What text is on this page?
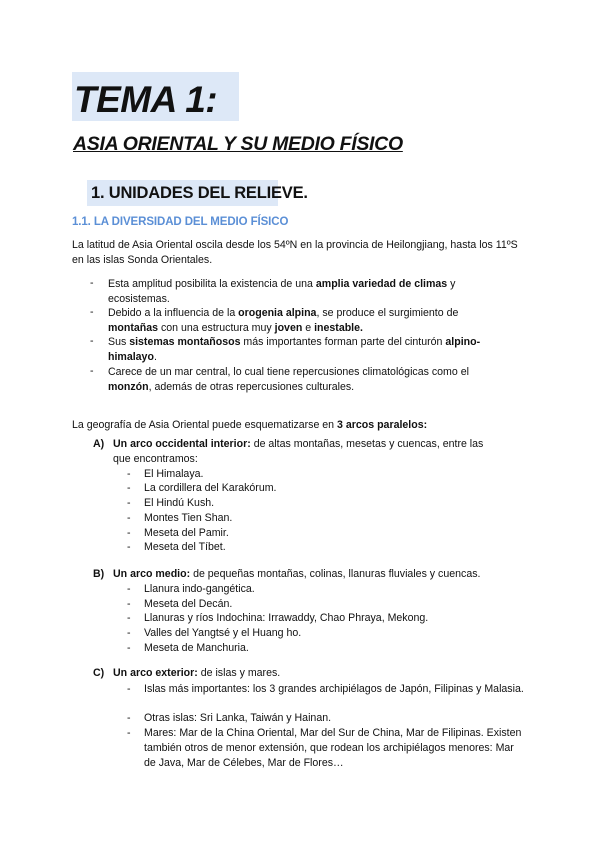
TEMA 1:
ASIA ORIENTAL Y SU MEDIO FÍSICO
1. UNIDADES DEL RELIEVE.
1.1. LA DIVERSIDAD DEL MEDIO FÍSICO

La latitud de Asia Oriental oscila desde los 54ºN en la provincia de Heilongjiang, hasta los 11ºS en las islas Sonda Orientales.

- Esta amplitud posibilita la existencia de una amplia variedad de climas y ecosistemas.
- Debido a la influencia de la orogenia alpina, se produce el surgimiento de montañas con una estructura muy joven e inestable.
- Sus sistemas montañosos más importantes forman parte del cinturón alpino-himalayo.
- Carece de un mar central, lo cual tiene repercusiones climatológicas como el monzón, además de otras repercusiones culturales.

La geografía de Asia Oriental puede esquematizarse en 3 arcos paralelos:

A) Un arco occidental interior: de altas montañas, mesetas y cuencas, entre las que encontramos:
- El Himalaya.
- La cordillera del Karakórum.
- El Hindú Kush.
- Montes Tien Shan.
- Meseta del Pamir.
- Meseta del Tíbet.
B) Un arco medio: de pequeñas montañas, colinas, llanuras fluviales y cuencas.
- Llanura indo-gangética.
- Meseta del Decán.
- Llanuras y ríos Indochina: Irrawaddy, Chao Phraya, Mekong.
- Valles del Yangtsé y el Huang ho.
- Meseta de Manchuria.
C) Un arco exterior: de islas y mares.
- Islas más importantes: los 3 grandes archipiélagos de Japón, Filipinas y Malasia.
- Otras islas: Sri Lanka, Taiwán y Hainan.
- Mares: Mar de la China Oriental, Mar del Sur de China, Mar de Filipinas. Existen también otros de menor extensión, que rodean los archipiélagos menores: Mar de Java, Mar de Célebes, Mar de Flores…
